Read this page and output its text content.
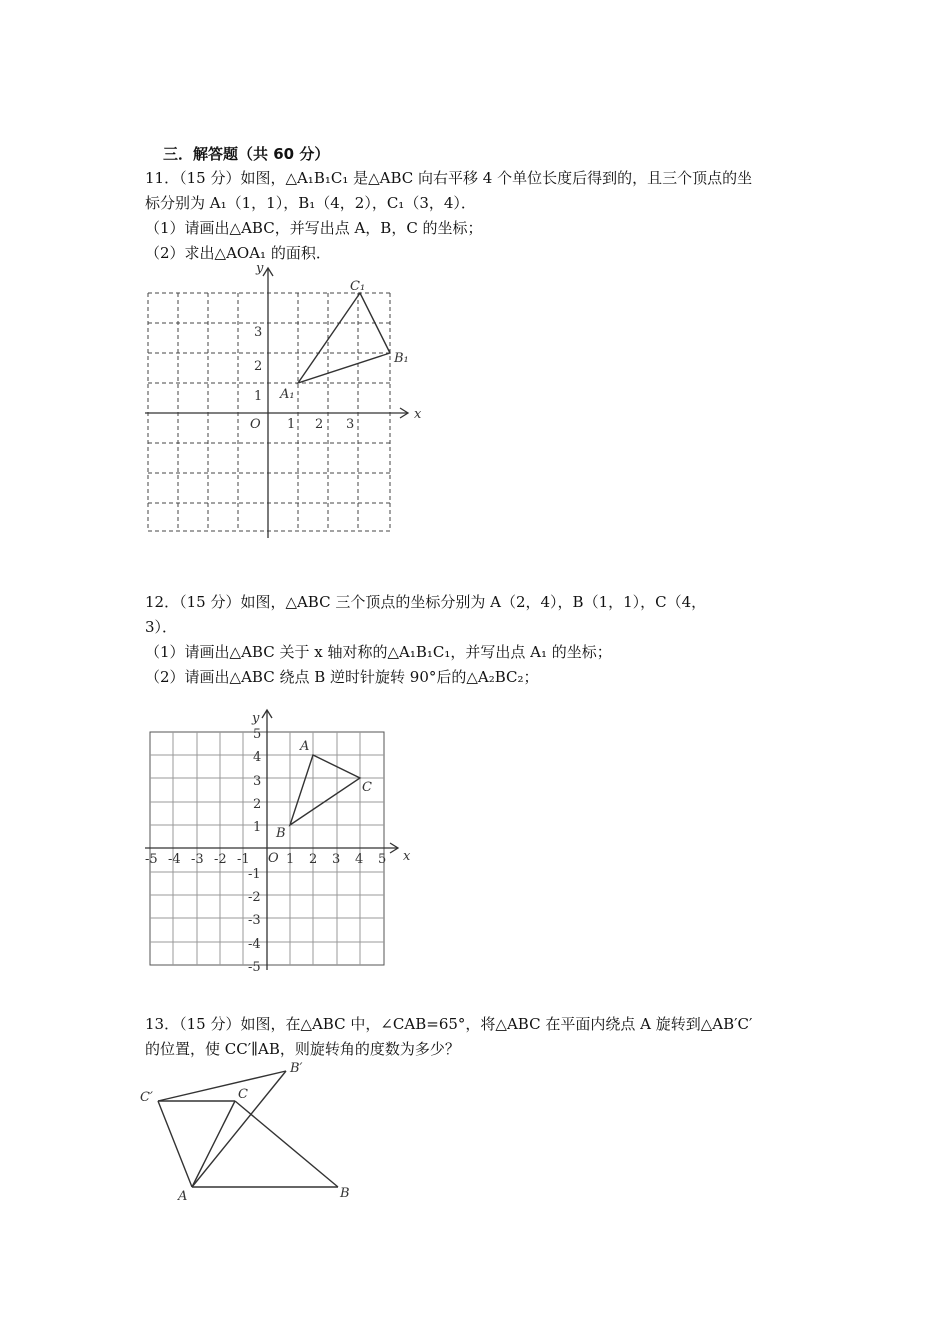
三．解答题（共 60 分）
11．（15 分）如图，△A₁B₁C₁ 是△ABC 向右平移 4 个单位长度后得到的，且三个顶点的坐
标分别为 A₁（1，1），B₁（4，2），C₁（3，4）．
（1）请画出△ABC，并写出点 A，B，C 的坐标；
（2）求出△AOA₁ 的面积．
x
y
O 1 2 3
1
2
3
A₁
B₁
C₁
12．（15 分）如图，△ABC 三个顶点的坐标分别为 A（2，4），B（1，1），C（4，
3）．
（1）请画出△ABC 关于 x 轴对称的△A₁B₁C₁，并写出点 A₁ 的坐标；
（2）请画出△ABC 绕点 B 逆时针旋转 90°后的△A₂BC₂；
x
y
O
-5 -4 -3 -2 -1	1 2 3 4 5
5
4
3
2
1
-1
-2
-3
-4
-5
A
B
C
13．（15 分）如图，在△ABC 中，∠CAB=65°，将△ABC 在平面内绕点 A 旋转到△AB′C′
的位置，使 CC′∥AB，则旋转角的度数为多少？
C′	C
B′
A	B
